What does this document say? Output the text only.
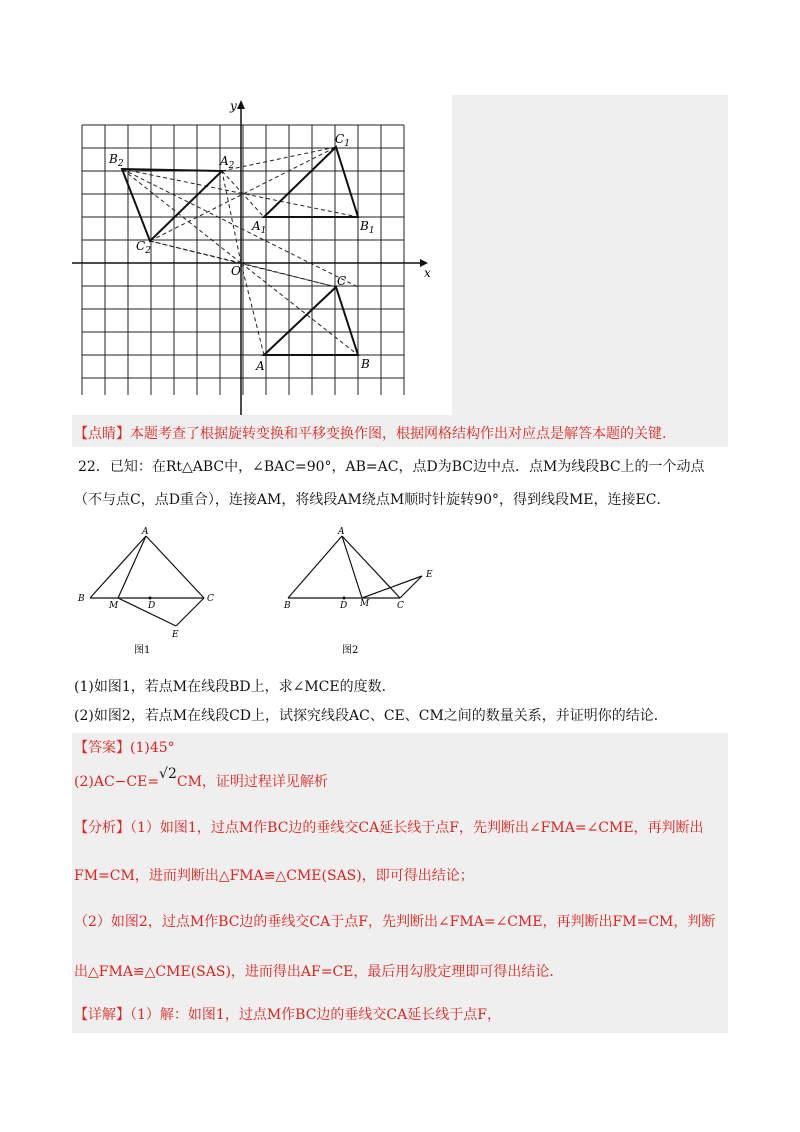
x
y
O
A	B
C
$A_1$	$B_1$
$C_1$
$A_2$
$B_2$
$C_2$
【点睛】本题考查了根据旋转变换和平移变换作图，根据网格结构作出对应点是解答本题的关键.
22．已知：在Rt△ABC中，∠BAC=90°，AB=AC，点D为BC边中点．点M为线段BC上的一个动点
（不与点C，点D重合），连接AM，将线段AM绕点M顺时针旋转90°，得到线段ME，连接EC．
A
B	C
D
M
E
图1
A
B	C
D M
E
图2
(1)如图1，若点M在线段BD上，求∠MCE的度数．
(2)如图2，若点M在线段CD上，试探究线段AC、CE、CM之间的数量关系，并证明你的结论．
【答案】(1)45°
(2)AC−CE=√2CM，证明过程详见解析
【分析】（1）如图1，过点M作BC边的垂线交CA延长线于点F，先判断出∠FMA=∠CME，再判断出
FM=CM，进而判断出△FMA≌△CME(SAS)，即可得出结论；
（2）如图2，过点M作BC边的垂线交CA于点F，先判断出∠FMA=∠CME，再判断出FM=CM，判断
出△FMA≌△CME(SAS)，进而得出AF=CE，最后用勾股定理即可得出结论．
【详解】（1）解：如图1，过点M作BC边的垂线交CA延长线于点F，
